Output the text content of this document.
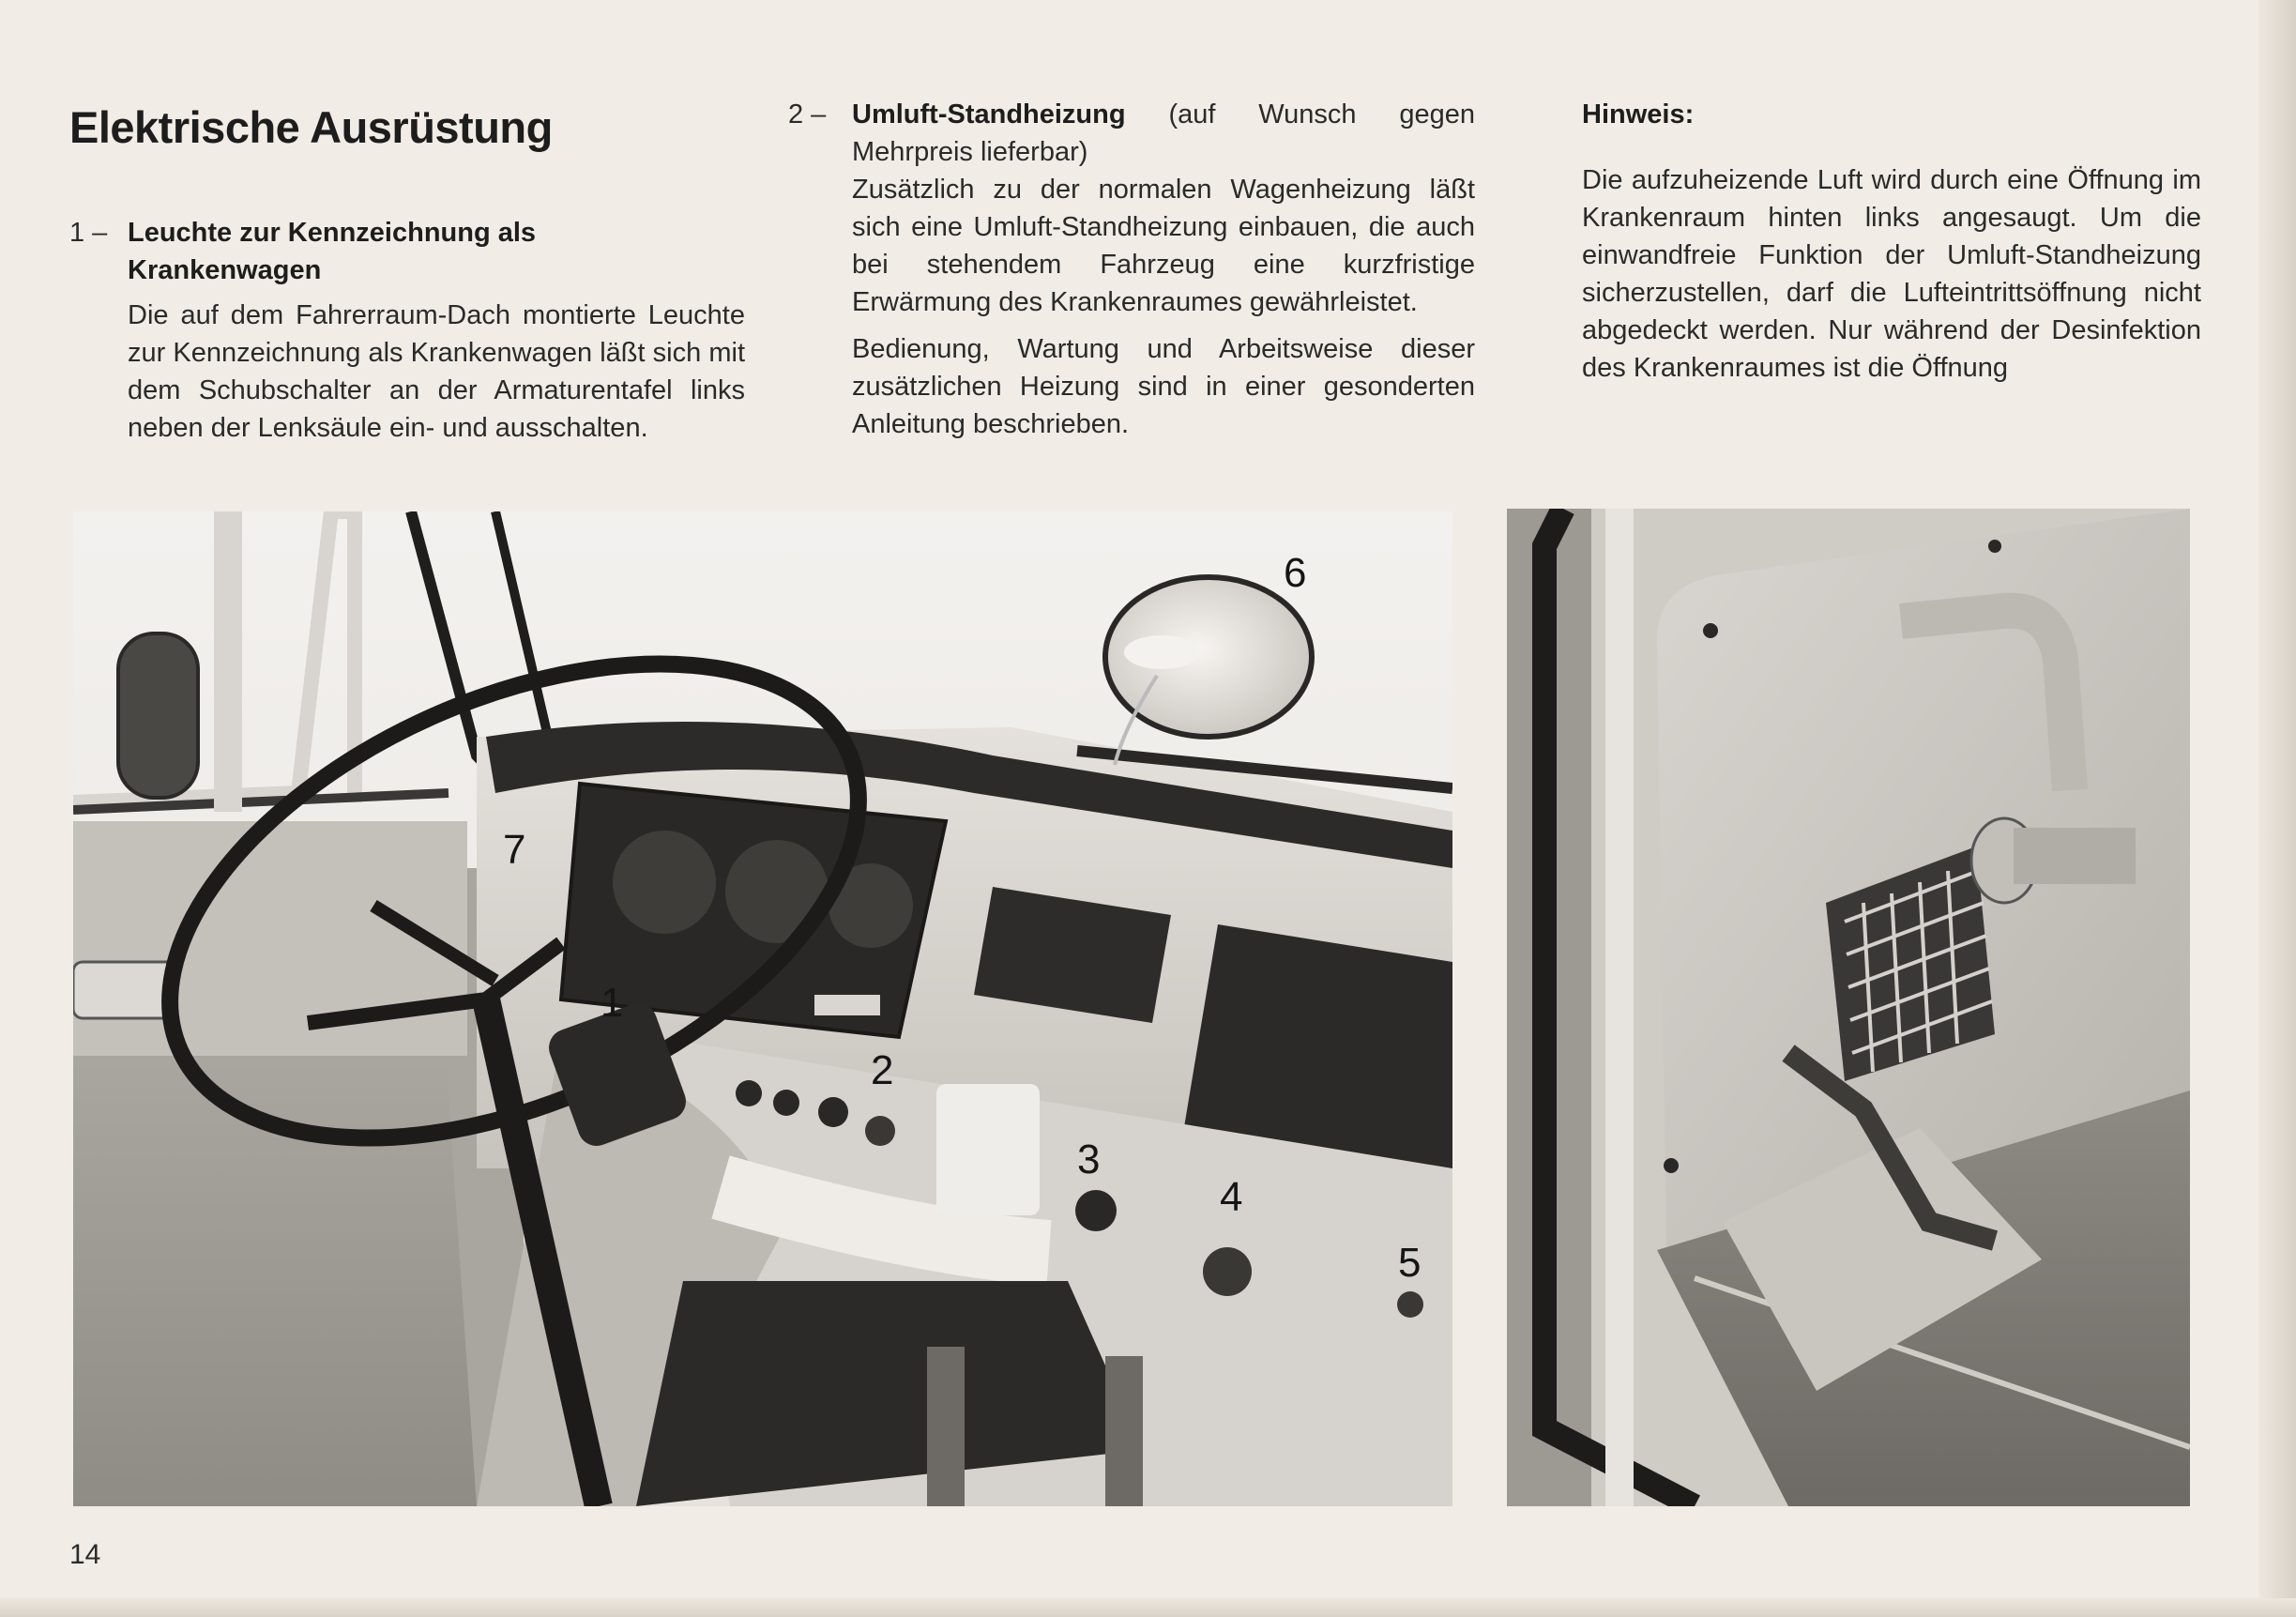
Elektrische Ausrüstung
1 – Leuchte zur Kennzeichnung als
Krankenwagen

Die auf dem Fahrerraum-Dach montierte Leuchte zur Kennzeichnung als Krankenwagen läßt sich mit dem Schubschalter an der Armaturentafel links neben der Lenksäule ein- und ausschalten.

2 – Umluft-Standheizung (auf Wunsch gegen Mehrpreis lieferbar)

Zusätzlich zu der normalen Wagenheizung läßt sich eine Umluft-Standheizung einbauen, die auch bei stehendem Fahrzeug eine kurzfristige Erwärmung des Krankenraumes gewährleistet.

Bedienung, Wartung und Arbeitsweise dieser zusätzlichen Heizung sind in einer gesonderten Anleitung beschrieben.

Hinweis:

Die aufzuheizende Luft wird durch eine Öffnung im Krankenraum hinten links angesaugt. Um die einwandfreie Funktion der Umluft-Standheizung sicherzustellen, darf die Lufteintrittsöffnung nicht abgedeckt werden. Nur während der Desinfektion des Krankenraumes ist die Öffnung

1
2
3
4
5
6
7
14
